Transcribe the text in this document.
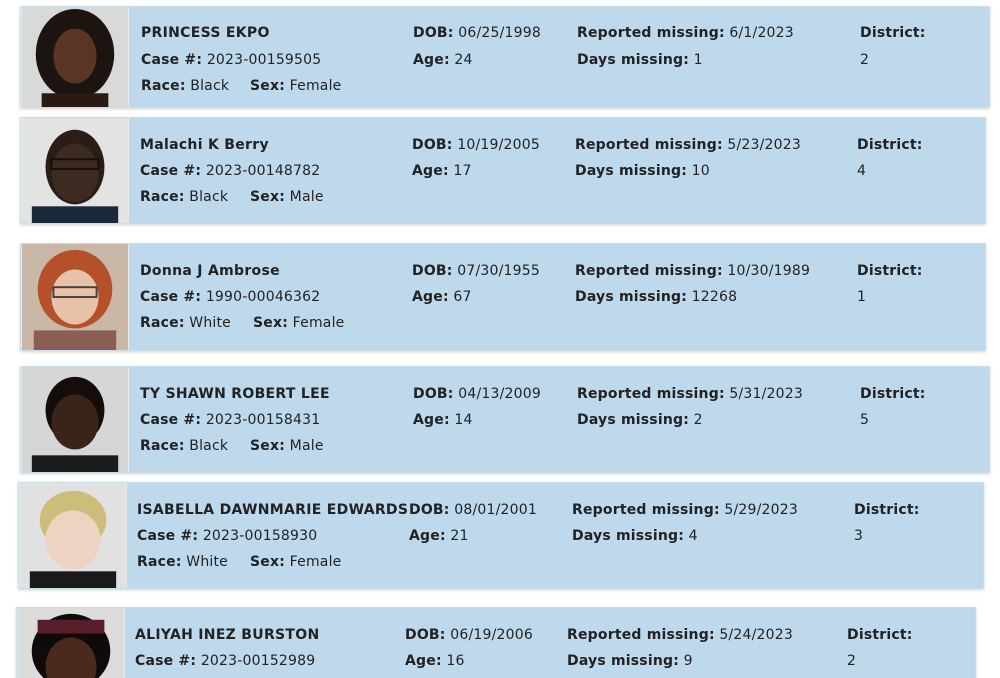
PRINCESS EKPO
Case #: 2023-00159505
Race: Black Sex: Female
DOB: 06/25/1998
Age: 24
Reported missing: 6/1/2023
Days missing: 1
District:
2
Malachi K Berry
Case #: 2023-00148782
Race: Black Sex: Male
DOB: 10/19/2005
Age: 17
Reported missing: 5/23/2023
Days missing: 10
District:
4
Donna J Ambrose
Case #: 1990-00046362
Race: White Sex: Female
DOB: 07/30/1955
Age: 67
Reported missing: 10/30/1989
Days missing: 12268
District:
1
TY SHAWN ROBERT LEE
Case #: 2023-00158431
Race: Black Sex: Male
DOB: 04/13/2009
Age: 14
Reported missing: 5/31/2023
Days missing: 2
District:
5
ISABELLA DAWNMARIE EDWARDS
Case #: 2023-00158930
Race: White Sex: Female
DOB: 08/01/2001
Age: 21
Reported missing: 5/29/2023
Days missing: 4
District:
3
ALIYAH INEZ BURSTON
Case #: 2023-00152989
DOB: 06/19/2006
Age: 16
Reported missing: 5/24/2023
Days missing: 9
District:
2
